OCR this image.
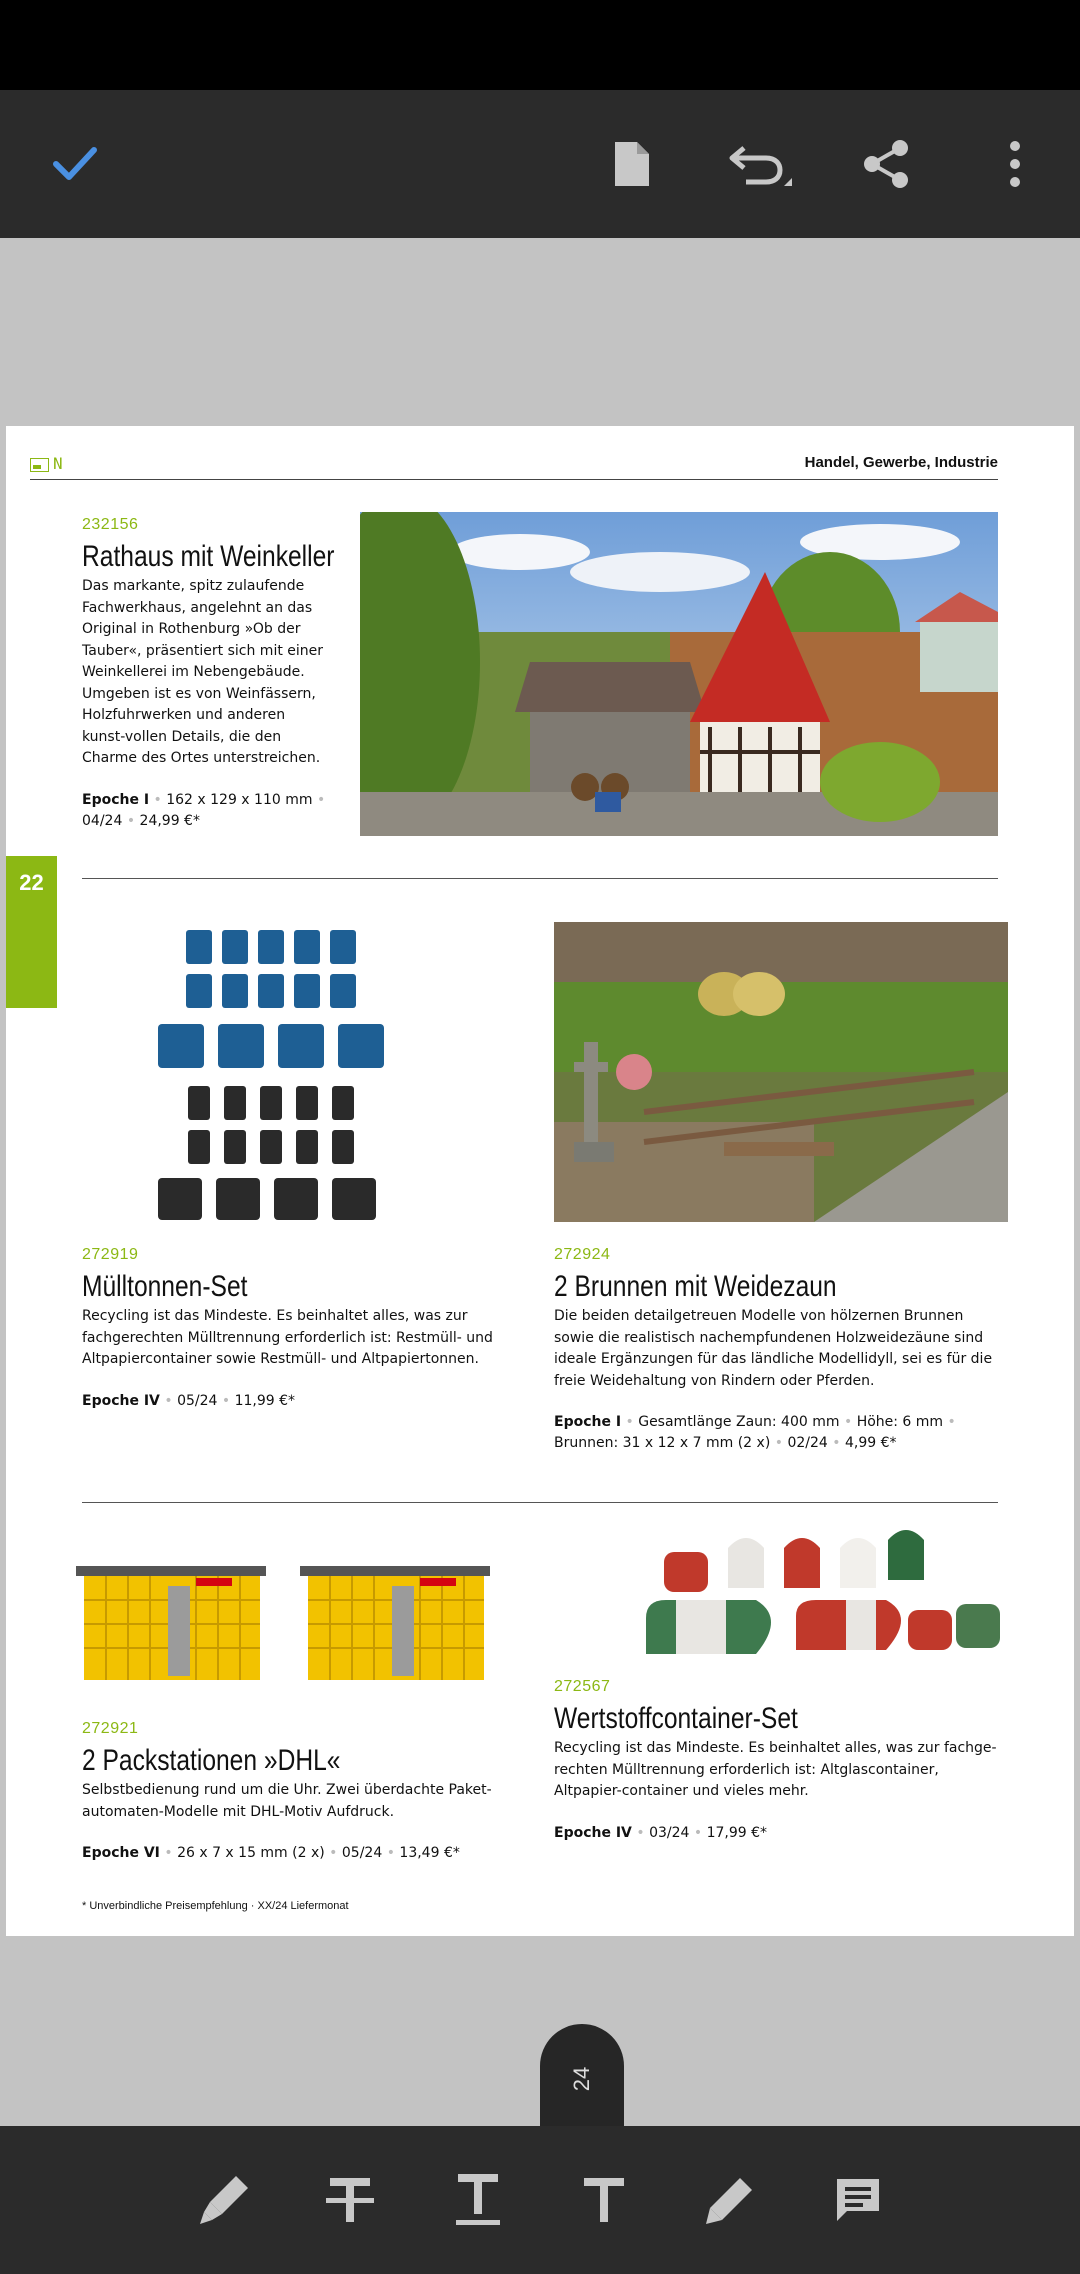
N	Handel, Gewerbe, Industrie
22
232156
Rathaus mit Weinkeller
Das markante, spitz zulaufende Fachwerkhaus, angelehnt an das Original in Rothenburg »Ob der Tauber«, präsentiert sich mit einer Weinkellerei im Nebengebäude. Umgeben ist es von Weinfässern, Holzfuhrwerken und anderen kunst-vollen Details, die den Charme des Ortes unterstreichen.
Epoche I • 162 x 129 x 110 mm • 04/24 • 24,99 €*
272919
Mülltonnen-Set
Recycling ist das Mindeste. Es beinhaltet alles, was zur fachgerechten Mülltrennung erforderlich ist: Restmüll- und Altpapiercontainer sowie Restmüll- und Altpapiertonnen.
Epoche IV • 05/24 • 11,99 €*
272924
2 Brunnen mit Weidezaun
Die beiden detailgetreuen Modelle von hölzernen Brunnen sowie die realistisch nachempfundenen Holzweidezäune sind ideale Ergänzungen für das ländliche Modellidyll, sei es für die freie Weidehaltung von Rindern oder Pferden.
Epoche I • Gesamtlänge Zaun: 400 mm • Höhe: 6 mm •
Brunnen: 31 x 12 x 7 mm (2 x) • 02/24 • 4,99 €*
272921
2 Packstationen »DHL«
Selbstbedienung rund um die Uhr. Zwei überdachte Paket-automaten-Modelle mit DHL-Motiv Aufdruck.
Epoche VI • 26 x 7 x 15 mm (2 x) • 05/24 • 13,49 €*
272567
Wertstoffcontainer-Set
Recycling ist das Mindeste. Es beinhaltet alles, was zur fachge-rechten Mülltrennung erforderlich ist: Altglascontainer, Altpapier-container und vieles mehr.
Epoche IV • 03/24 • 17,99 €*
* Unverbindliche Preisempfehlung · XX/24 Liefermonat
24
